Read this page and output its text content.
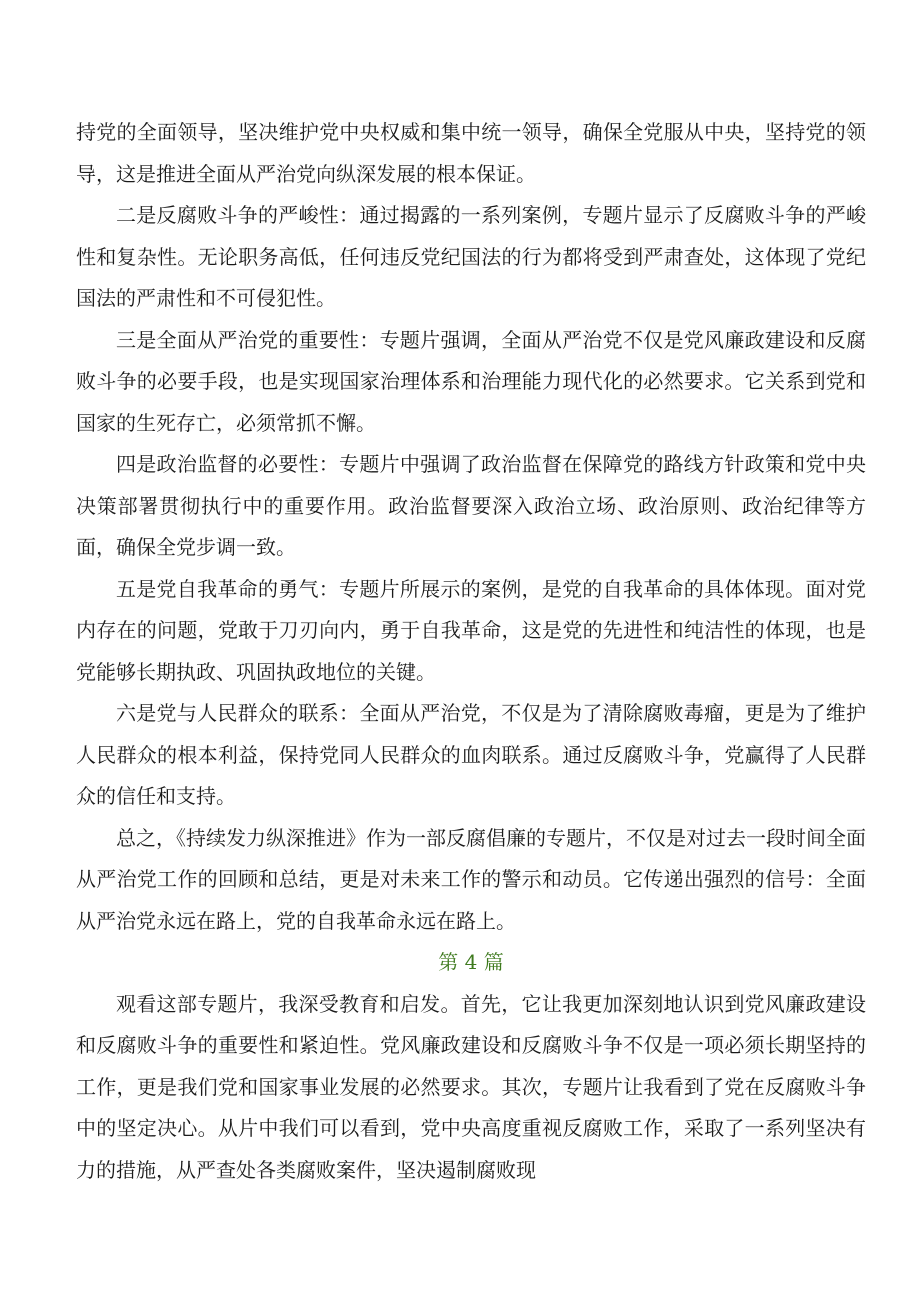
持党的全面领导，坚决维护党中央权威和集中统一领导，确保全党服从中央，坚持党的领导，这是推进全面从严治党向纵深发展的根本保证。

二是反腐败斗争的严峻性：通过揭露的一系列案例，专题片显示了反腐败斗争的严峻性和复杂性。无论职务高低，任何违反党纪国法的行为都将受到严肃查处，这体现了党纪国法的严肃性和不可侵犯性。

三是全面从严治党的重要性：专题片强调，全面从严治党不仅是党风廉政建设和反腐败斗争的必要手段，也是实现国家治理体系和治理能力现代化的必然要求。它关系到党和国家的生死存亡，必须常抓不懈。

四是政治监督的必要性：专题片中强调了政治监督在保障党的路线方针政策和党中央决策部署贯彻执行中的重要作用。政治监督要深入政治立场、政治原则、政治纪律等方面，确保全党步调一致。

五是党自我革命的勇气：专题片所展示的案例，是党的自我革命的具体体现。面对党内存在的问题，党敢于刀刃向内，勇于自我革命，这是党的先进性和纯洁性的体现，也是党能够长期执政、巩固执政地位的关键。

六是党与人民群众的联系：全面从严治党，不仅是为了清除腐败毒瘤，更是为了维护人民群众的根本利益，保持党同人民群众的血肉联系。通过反腐败斗争，党赢得了人民群众的信任和支持。

总之，《持续发力纵深推进》作为一部反腐倡廉的专题片，不仅是对过去一段时间全面从严治党工作的回顾和总结，更是对未来工作的警示和动员。它传递出强烈的信号：全面从严治党永远在路上，党的自我革命永远在路上。

第 4 篇

观看这部专题片，我深受教育和启发。首先，它让我更加深刻地认识到党风廉政建设和反腐败斗争的重要性和紧迫性。党风廉政建设和反腐败斗争不仅是一项必须长期坚持的工作，更是我们党和国家事业发展的必然要求。其次，专题片让我看到了党在反腐败斗争中的坚定决心。从片中我们可以看到，党中央高度重视反腐败工作，采取了一系列坚决有力的措施，从严查处各类腐败案件，坚决遏制腐败现
